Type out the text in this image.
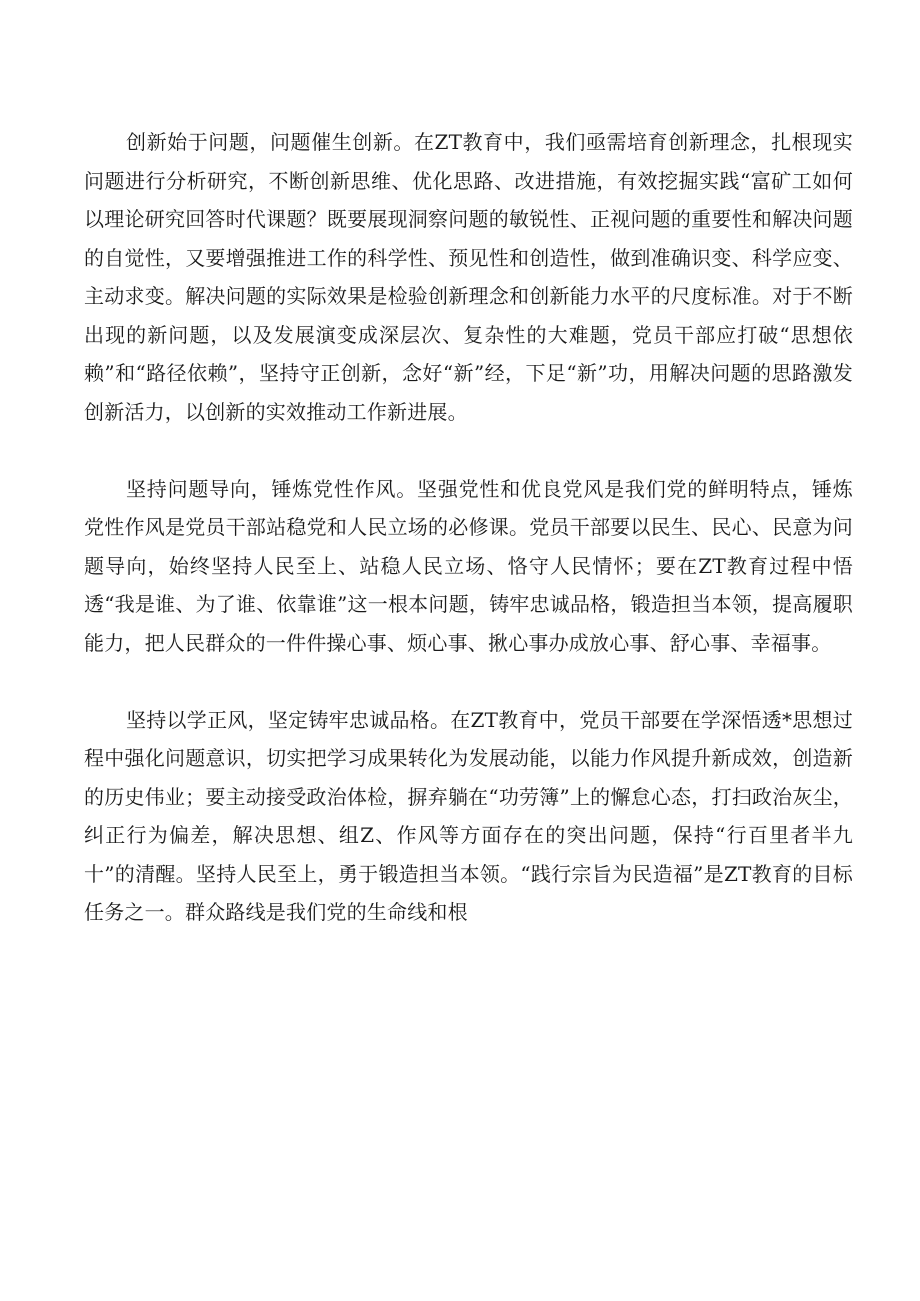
创新始于问题，问题催生创新。在ZT教育中，我们亟需培育创新理念，扎根现实问题进行分析研究，不断创新思维、优化思路、改进措施，有效挖掘实践“富矿工如何以理论研究回答时代课题？既要展现洞察问题的敏锐性、正视问题的重要性和解决问题的自觉性，又要增强推进工作的科学性、预见性和创造性，做到准确识变、科学应变、主动求变。解决问题的实际效果是检验创新理念和创新能力水平的尺度标准。对于不断出现的新问题，以及发展演变成深层次、复杂性的大难题，党员干部应打破“思想依赖”和“路径依赖”，坚持守正创新，念好“新”经，下足“新”功，用解决问题的思路激发创新活力，以创新的实效推动工作新进展。

坚持问题导向，锤炼党性作风。坚强党性和优良党风是我们党的鲜明特点，锤炼党性作风是党员干部站稳党和人民立场的必修课。党员干部要以民生、民心、民意为问题导向，始终坚持人民至上、站稳人民立场、恪守人民情怀；要在ZT教育过程中悟透“我是谁、为了谁、依靠谁”这一根本问题，铸牢忠诚品格，锻造担当本领，提高履职能力，把人民群众的一件件操心事、烦心事、揪心事办成放心事、舒心事、幸福事。

坚持以学正风，坚定铸牢忠诚品格。在ZT教育中，党员干部要在学深悟透*思想过程中强化问题意识，切实把学习成果转化为发展动能，以能力作风提升新成效，创造新的历史伟业；要主动接受政治体检，摒弃躺在“功劳簿”上的懈怠心态，打扫政治灰尘，纠正行为偏差，解决思想、组Z、作风等方面存在的突出问题，保持“行百里者半九十”的清醒。坚持人民至上，勇于锻造担当本领。“践行宗旨为民造福”是ZT教育的目标任务之一。群众路线是我们党的生命线和根
